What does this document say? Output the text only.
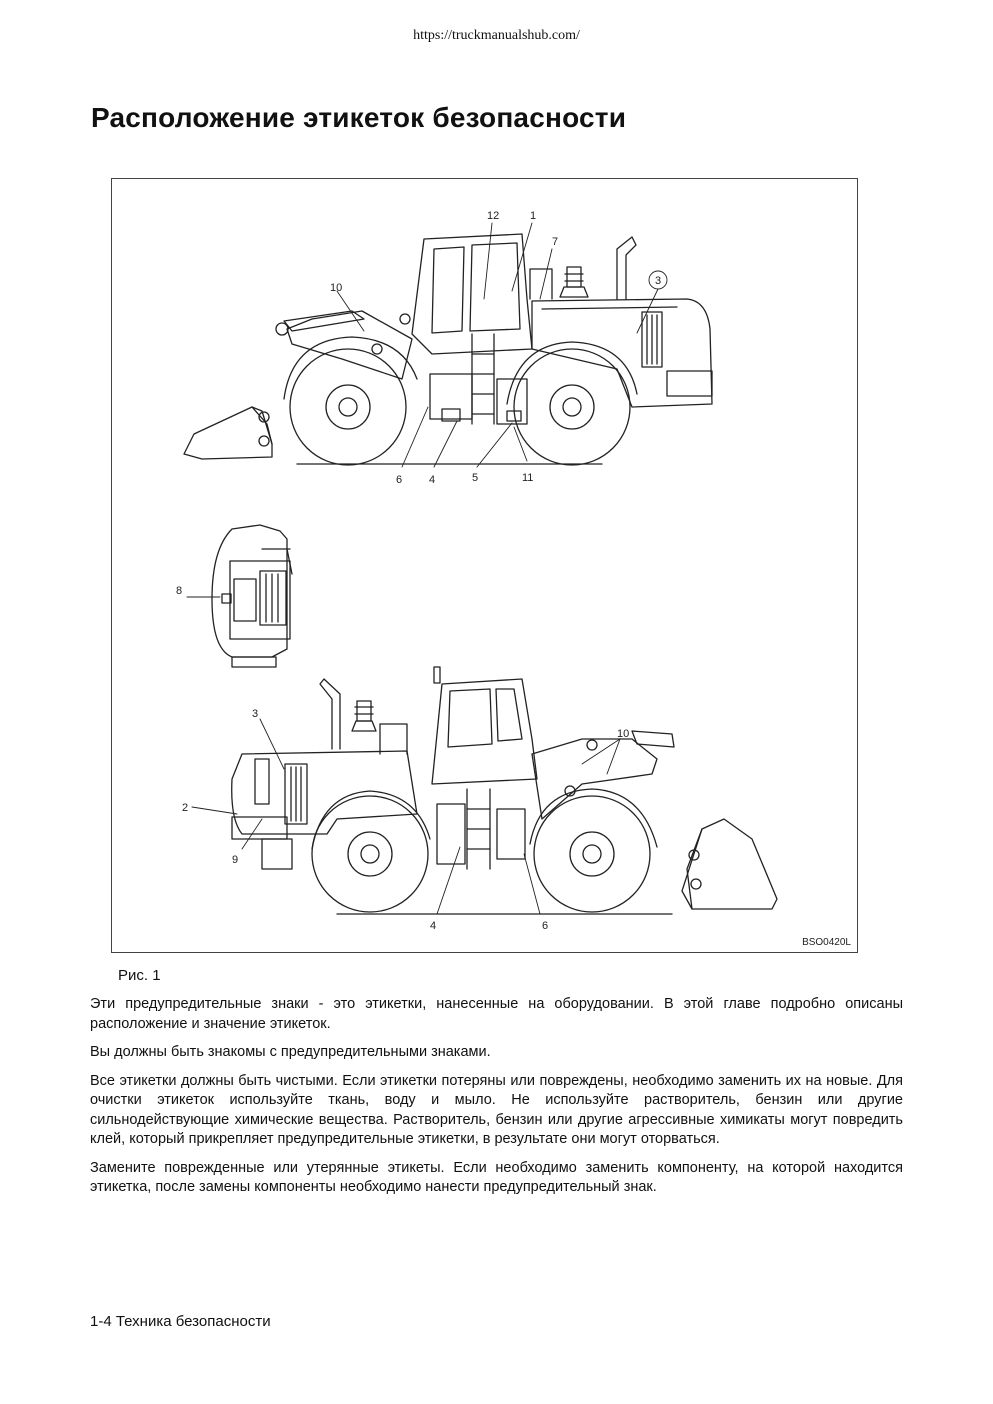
https://truckmanualshub.com/
Расположение этикеток безопасности
12	1
7
10
3
6 4	5	11
8
3
10
2
9
4	6
BSO0420L
Рис. 1

Эти предупредительные знаки - это этикетки, нанесенные на оборудовании. В этой главе подробно описаны расположение и значение этикеток.

Вы должны быть знакомы с предупредительными знаками.

Все этикетки должны быть чистыми. Если этикетки потеряны или повреждены, необходимо заменить их на новые. Для очистки этикеток используйте ткань, воду и мыло. Не используйте растворитель, бензин или другие сильнодействующие химические вещества. Растворитель, бензин или другие агрессивные химикаты могут повредить клей, который прикрепляет предупредительные этикетки, в результате они могут оторваться.

Замените поврежденные или утерянные этикеты. Если необходимо заменить компоненту, на которой находится этикетка, после замены компоненты необходимо нанести предупредительный знак.

1-4 Техника безопасности
